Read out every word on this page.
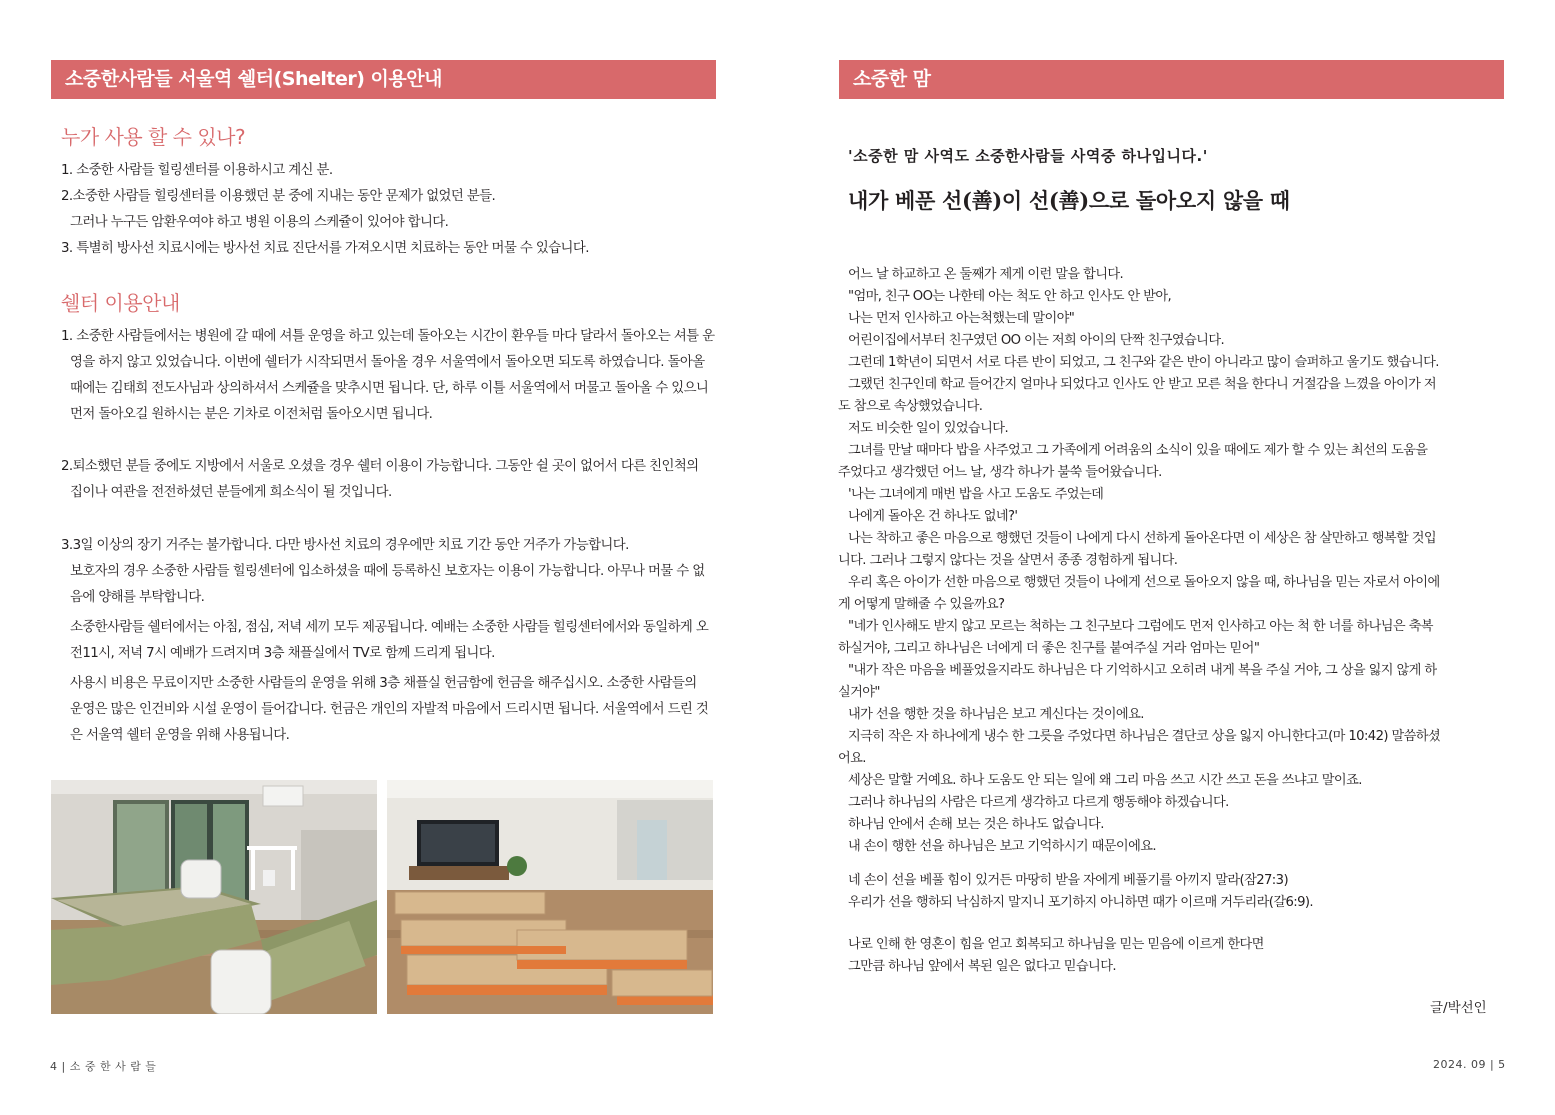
소중한사람들 서울역 쉘터(Shelter) 이용안내
누가 사용 할 수 있나?
1. 소중한 사람들 힐링센터를 이용하시고 계신 분.
2.소중한 사람들 힐링센터를 이용했던 분 중에 지내는 동안 문제가 없었던 분들.
그러나 누구든 암환우여야 하고 병원 이용의 스케쥴이 있어야 합니다.
3. 특별히 방사선 치료시에는 방사선 치료 진단서를 가져오시면 치료하는 동안 머물 수 있습니다.
쉘터 이용안내
1. 소중한 사람들에서는 병원에 갈 때에 셔틀 운영을 하고 있는데 돌아오는 시간이 환우들 마다 달라서 돌아오는 셔틀 운
영을 하지 않고 있었습니다. 이번에 쉘터가 시작되면서 돌아올 경우 서울역에서 돌아오면 되도록 하였습니다. 돌아올
때에는 김태희 전도사님과 상의하셔서 스케쥴을 맞추시면 됩니다. 단, 하루 이틀 서울역에서 머물고 돌아올 수 있으니
먼저 돌아오길 원하시는 분은 기차로 이전처럼 돌아오시면 됩니다.
2.퇴소했던 분들 중에도 지방에서 서울로 오셨을 경우 쉘터 이용이 가능합니다. 그동안 쉴 곳이 없어서 다른 친인척의
집이나 여관을 전전하셨던 분들에게 희소식이 될 것입니다.
3.3일 이상의 장기 거주는 불가합니다. 다만 방사선 치료의 경우에만 치료 기간 동안 거주가 가능합니다.
보호자의 경우 소중한 사람들 힐링센터에 입소하셨을 때에 등록하신 보호자는 이용이 가능합니다. 아무나 머물 수 없
음에 양해를 부탁합니다.
소중한사람들 쉘터에서는 아침, 점심, 저녁 세끼 모두 제공됩니다. 예배는 소중한 사람들 힐링센터에서와 동일하게 오
전11시, 저녁 7시 예배가 드려지며 3층 채플실에서 TV로 함께 드리게 됩니다.
사용시 비용은 무료이지만 소중한 사람들의 운영을 위해 3층 채플실 헌금함에 헌금을 해주십시오. 소중한 사람들의
운영은 많은 인건비와 시설 운영이 들어갑니다. 헌금은 개인의 자발적 마음에서 드리시면 됩니다. 서울역에서 드린 것
은 서울역 쉘터 운영을 위해 사용됩니다.
4 | 소 중 한 사 람 들
소중한 맘
'소중한 맘 사역도 소중한사람들 사역중 하나입니다.'
내가 베푼 선(善)이 선(善)으로 돌아오지 않을 때
어느 날 하교하고 온 둘째가 제게 이런 말을 합니다.
"엄마, 친구 OO는 나한테 아는 척도 안 하고 인사도 안 받아,
나는 먼저 인사하고 아는척했는데 말이야"
어린이집에서부터 친구였던 OO 이는 저희 아이의 단짝 친구였습니다.
그런데 1학년이 되면서 서로 다른 반이 되었고, 그 친구와 같은 반이 아니라고 많이 슬퍼하고 울기도 했습니다.
그랬던 친구인데 학교 들어간지 얼마나 되었다고 인사도 안 받고 모른 척을 한다니 거절감을 느꼈을 아이가 저
도 참으로 속상했었습니다.
저도 비슷한 일이 있었습니다.
그녀를 만날 때마다 밥을 사주었고 그 가족에게 어려움의 소식이 있을 때에도 제가 할 수 있는 최선의 도움을
주었다고 생각했던 어느 날, 생각 하나가 불쑥 들어왔습니다.
'나는 그녀에게 매번 밥을 사고 도움도 주었는데
나에게 돌아온 건 하나도 없네?'
나는 착하고 좋은 마음으로 행했던 것들이 나에게 다시 선하게 돌아온다면 이 세상은 참 살만하고 행복할 것입
니다. 그러나 그렇지 않다는 것을 살면서 종종 경험하게 됩니다.
우리 혹은 아이가 선한 마음으로 행했던 것들이 나에게 선으로 돌아오지 않을 때, 하나님을 믿는 자로서 아이에
게 어떻게 말해줄 수 있을까요?
"네가 인사해도 받지 않고 모르는 척하는 그 친구보다 그럼에도 먼저 인사하고 아는 척 한 너를 하나님은 축복
하실거야, 그리고 하나님은 너에게 더 좋은 친구를 붙여주실 거라 엄마는 믿어"
"내가 작은 마음을 베풀었을지라도 하나님은 다 기억하시고 오히려 내게 복을 주실 거야, 그 상을 잃지 않게 하
실거야"
내가 선을 행한 것을 하나님은 보고 계신다는 것이에요.
지극히 작은 자 하나에게 냉수 한 그릇을 주었다면 하나님은 결단코 상을 잃지 아니한다고(마 10:42) 말씀하셨
어요.
세상은 말할 거예요. 하나 도움도 안 되는 일에 왜 그리 마음 쓰고 시간 쓰고 돈을 쓰냐고 말이죠.
그러나 하나님의 사람은 다르게 생각하고 다르게 행동해야 하겠습니다.
하나님 안에서 손해 보는 것은 하나도 없습니다.
내 손이 행한 선을 하나님은 보고 기억하시기 때문이에요.
네 손이 선을 베풀 힘이 있거든 마땅히 받을 자에게 베풀기를 아끼지 말라(잠27:3)
우리가 선을 행하되 낙심하지 말지니 포기하지 아니하면 때가 이르매 거두리라(갈6:9).
나로 인해 한 영혼이 힘을 얻고 회복되고 하나님을 믿는 믿음에 이르게 한다면
그만큼 하나님 앞에서 복된 일은 없다고 믿습니다.
글/박선인
2024. 09 | 5
